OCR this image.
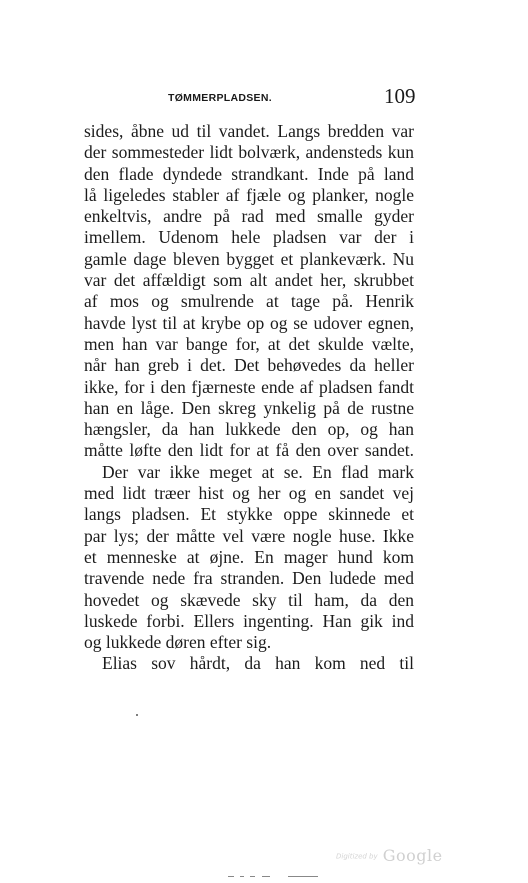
TØMMERPLADSEN.	109
sides, åbne ud til vandet. Langs bredden var
der sommesteder lidt bolværk, andensteds kun
den flade dyndede strandkant. Inde på land
lå ligeledes stabler af fjæle og planker, nogle
enkeltvis, andre på rad med smalle gyder
imellem. Udenom hele pladsen var der i
gamle dage bleven bygget et plankeværk. Nu
var det affældigt som alt andet her, skrubbet
af mos og smulrende at tage på. Henrik
havde lyst til at krybe op og se udover egnen,
men han var bange for, at det skulde vælte,
når han greb i det. Det behøvedes da heller
ikke, for i den fjærneste ende af pladsen fandt
han en låge. Den skreg ynkelig på de rustne
hængsler, da han lukkede den op, og han
måtte løfte den lidt for at få den over sandet.
Der var ikke meget at se. En flad mark
med lidt træer hist og her og en sandet vej
langs pladsen. Et stykke oppe skinnede et
par lys; der måtte vel være nogle huse. Ikke
et menneske at øjne. En mager hund kom
travende nede fra stranden. Den ludede med
hovedet og skævede sky til ham, da den
luskede forbi. Ellers ingenting. Han gik ind
og lukkede døren efter sig.
Elias sov hårdt, da han kom ned til
Digitized by Google
